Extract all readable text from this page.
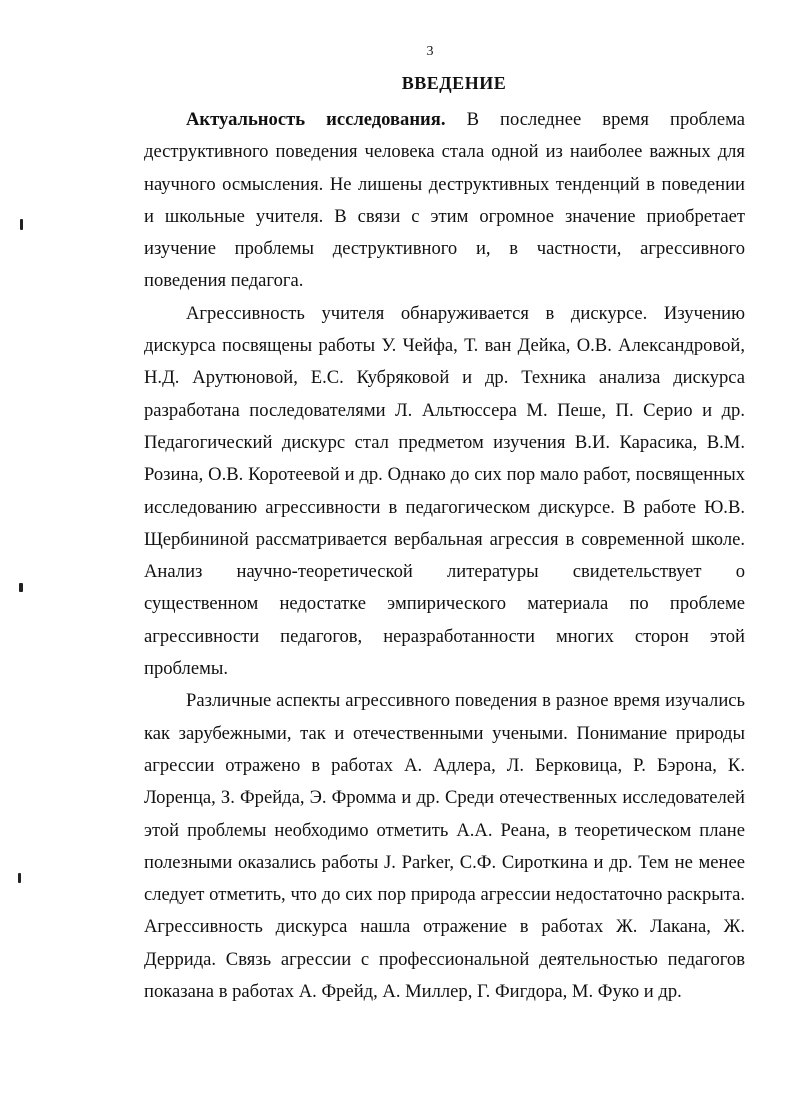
3
ВВЕДЕНИЕ

Актуальность исследования. В последнее время проблема деструктивного поведения человека стала одной из наиболее важных для научного осмысления. Не лишены деструктивных тенденций в поведении и школьные учителя. В связи с этим огромное значение приобретает изучение проблемы деструктивного и, в частности, агрессивного поведения педагога.

Агрессивность учителя обнаруживается в дискурсе. Изучению дискурса посвящены работы У. Чейфа, Т. ван Дейка, О.В. Александровой, Н.Д. Арутюновой, Е.С. Кубряковой и др. Техника анализа дискурса разработана последователями Л. Альтюссера М. Пеше, П. Серио и др. Педагогический дискурс стал предметом изучения В.И. Карасика, В.М. Розина, О.В. Коротеевой и др. Однако до сих пор мало работ, посвященных исследованию агрессивности в педагогическом дискурсе. В работе Ю.В. Щербининой рассматривается вербальная агрессия в современной школе. Анализ научно-теоретической литературы свидетельствует о существенном недостатке эмпирического материала по проблеме агрессивности педагогов, неразработанности многих сторон этой проблемы.

Различные аспекты агрессивного поведения в разное время изучались как зарубежными, так и отечественными учеными. Понимание природы агрессии отражено в работах А. Адлера, Л. Берковица, Р. Бэрона, К. Лоренца, З. Фрейда, Э. Фромма и др. Среди отечественных исследователей этой проблемы необходимо отметить А.А. Реана, в теоретическом плане полезными оказались работы J. Parker, С.Ф. Сироткина и др. Тем не менее следует отметить, что до сих пор природа агрессии недостаточно раскрыта. Агрессивность дискурса нашла отражение в работах Ж. Лакана, Ж. Деррида. Связь агрессии с профессиональной деятельностью педагогов показана в работах А. Фрейд, А. Миллер, Г. Фигдора, М. Фуко и др.
